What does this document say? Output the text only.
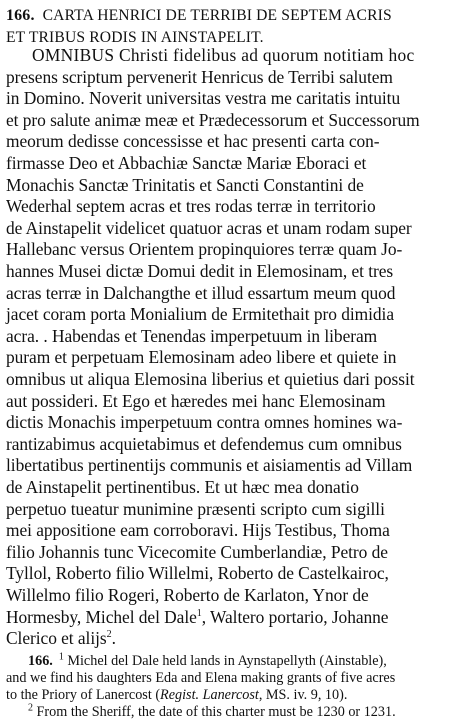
166. CARTA HENRICI DE TERRIBI DE SEPTEM ACRIS
ET TRIBUS RODIS IN AINSTAPELIT.
OMNIBUS Christi fidelibus ad quorum notitiam hoc
presens scriptum pervenerit Henricus de Terribi salutem
in Domino. Noverit universitas vestra me caritatis intuitu
et pro salute animæ meæ et Prædecessorum et Successorum
meorum dedisse concessisse et hac presenti carta con-
firmasse Deo et Abbachiæ Sanctæ Mariæ Eboraci et
Monachis Sanctæ Trinitatis et Sancti Constantini de
Wederhal septem acras et tres rodas terræ in territorio
de Ainstapelit videlicet quatuor acras et unam rodam super
Hallebanc versus Orientem propinquiores terræ quam Jo-
hannes Musei dictæ Domui dedit in Elemosinam, et tres
acras terræ in Dalchangthe et illud essartum meum quod
jacet coram porta Monialium de Ermitethait pro dimidia
acra. . Habendas et Tenendas imperpetuum in liberam
puram et perpetuam Elemosinam adeo libere et quiete in
omnibus ut aliqua Elemosina liberius et quietius dari possit
aut possideri. Et Ego et hæredes mei hanc Elemosinam
dictis Monachis imperpetuum contra omnes homines wa-
rantizabimus acquietabimus et defendemus cum omnibus
libertatibus pertinentijs communis et aisiamentis ad Villam
de Ainstapelit pertinentibus. Et ut hæc mea donatio
perpetuo tueatur munimine præsenti scripto cum sigilli
mei appositione eam corroboravi. Hijs Testibus, Thoma
filio Johannis tunc Vicecomite Cumberlandiæ, Petro de
Tyllol, Roberto filio Willelmi, Roberto de Castelkairoc,
Willelmo filio Rogeri, Roberto de Karlaton, Ynor de
Hormesby, Michel del Dale$^1$, Waltero portario, Johanne
Clerico et alijs$^2$.
166. $^1$ Michel del Dale held lands in Aynstapellyth (Ainstable),
and we find his daughters Eda and Elena making grants of five acres
to the Priory of Lanercost (Regist. Lanercost, MS. iv. 9, 10).
$^2$ From the Sheriff, the date of this charter must be 1230 or 1231.
